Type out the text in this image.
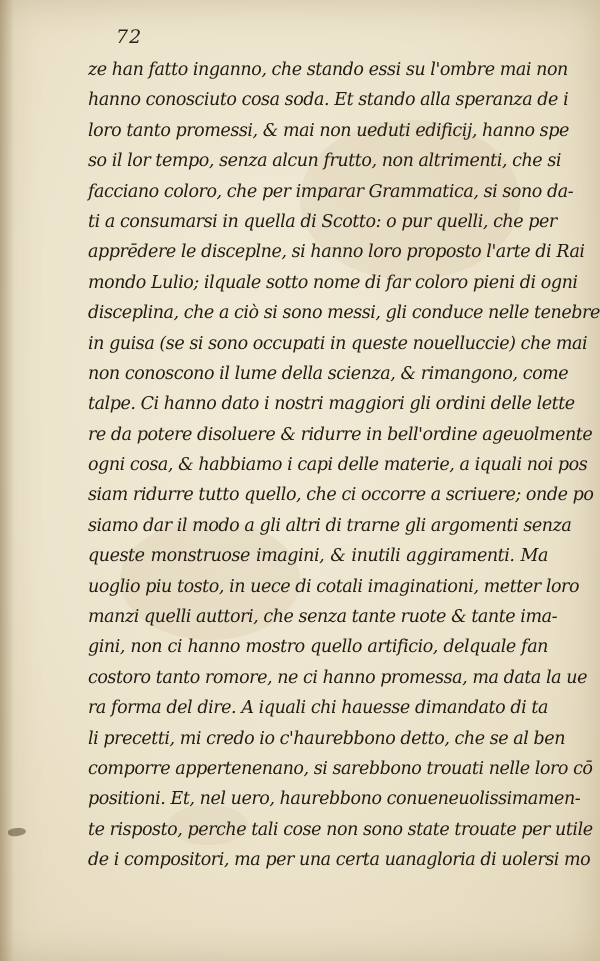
72
ze han fatto inganno, che stando essi su l'ombre mai non
hanno conosciuto cosa soda. Et stando alla speranza de i
loro tanto promessi, & mai non ueduti edificij, hanno spe
so il lor tempo, senza alcun frutto, non altrimenti, che si
facciano coloro, che per imparar Grammatica, si sono da-
ti a consumarsi in quella di Scotto: o pur quelli, che per
apprēdere le disceplne, si hanno loro proposto l'arte di Rai
mondo Lulio; ilquale sotto nome di far coloro pieni di ogni
disceplina, che a ciò si sono messi, gli conduce nelle tenebre
in guisa (se si sono occupati in queste nouelluccie) che mai
non conoscono il lume della scienza, & rimangono, come
talpe. Ci hanno dato i nostri maggiori gli ordini delle lette
re da potere disoluere & ridurre in bell'ordine ageuolmente
ogni cosa, & habbiamo i capi delle materie, a iquali noi pos
siam ridurre tutto quello, che ci occorre a scriuere; onde po
siamo dar il modo a gli altri di trarne gli argomenti senza
queste monstruose imagini, & inutili aggiramenti. Ma
uoglio piu tosto, in uece di cotali imaginationi, metter loro
manzi quelli auttori, che senza tante ruote & tante ima-
gini, non ci hanno mostro quello artificio, delquale fan
costoro tanto romore, ne ci hanno promessa, ma data la ue
ra forma del dire. A iquali chi hauesse dimandato di ta
li precetti, mi credo io c'haurebbono detto, che se al ben
comporre appertenenano, si sarebbono trouati nelle loro cō
positioni. Et, nel uero, haurebbono conueneuolissimamen-
te risposto, perche tali cose non sono state trouate per utile
de i compositori, ma per una certa uanagloria di uolersi mo
